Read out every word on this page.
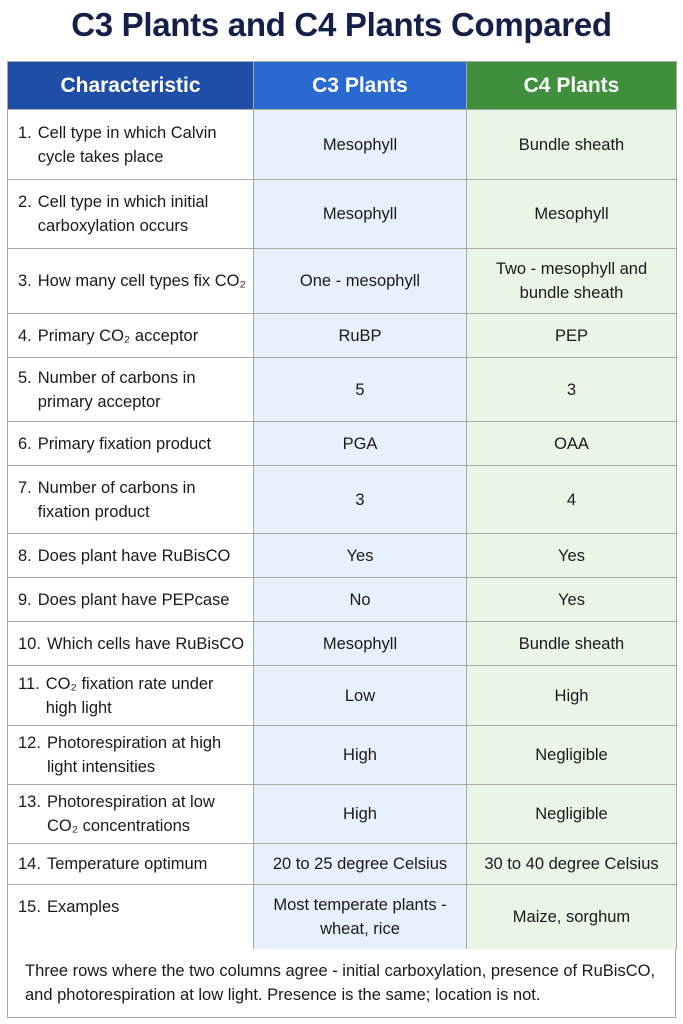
C3 Plants and C4 Plants Compared
Characteristic	C3 Plants	C4 Plants

1. Cell type in which Calvin cycle takes place	Mesophyll	Bundle sheath

2. Cell type in which initial carboxylation occurs	Mesophyll	Mesophyll

3. How many cell types fix CO₂	One - mesophyll	Two - mesophyll and bundle sheath

4. Primary CO₂ acceptor	RuBP	PEP

5. Number of carbons in primary acceptor	5	3

6. Primary fixation product	PGA	OAA

7. Number of carbons in fixation product	3	4

8. Does plant have RuBisCO	Yes	Yes

9. Does plant have PEPcase	No	Yes

10. Which cells have RuBisCO	Mesophyll	Bundle sheath

11. CO₂ fixation rate under high light	Low	High

12. Photorespiration at high light intensities	High	Negligible

13. Photorespiration at low CO₂ concentrations	High	Negligible

14. Temperature optimum	20 to 25 degree Celsius	30 to 40 degree Celsius

15. Examples	Most temperate plants - wheat, rice	Maize, sorghum
Three rows where the two columns agree - initial carboxylation, presence of RuBisCO, and photorespiration at low light. Presence is the same; location is not.
